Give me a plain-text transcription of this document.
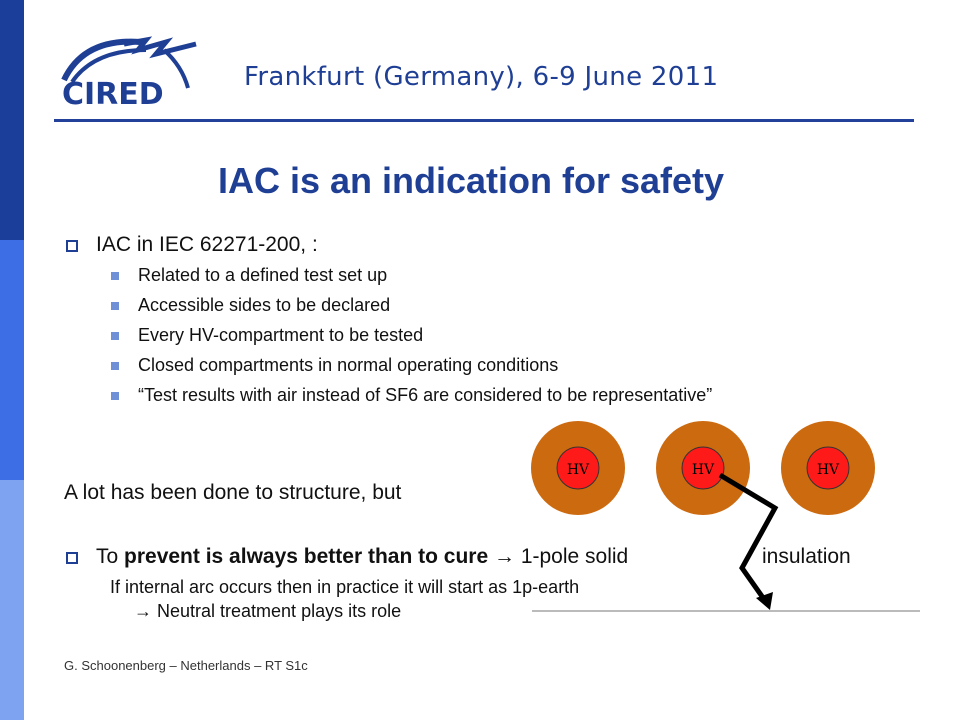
CIRED	Frankfurt (Germany), 6-9 June 2011
IAC is an indication for safety
IAC in IEC 62271-200, :
Related to a defined test set up
Accessible sides to be declared
Every HV-compartment to be tested
Closed compartments in normal operating conditions
“Test results with air instead of SF6 are considered to be representative”
A lot has been done to structure, but
To prevent is always better than to cure → 1-pole solid	insulation
If internal arc occurs then in practice it will start as 1p-earth
→ Neutral treatment plays its role
HV	HV	HV
G. Schoonenberg – Netherlands – RT S1c
